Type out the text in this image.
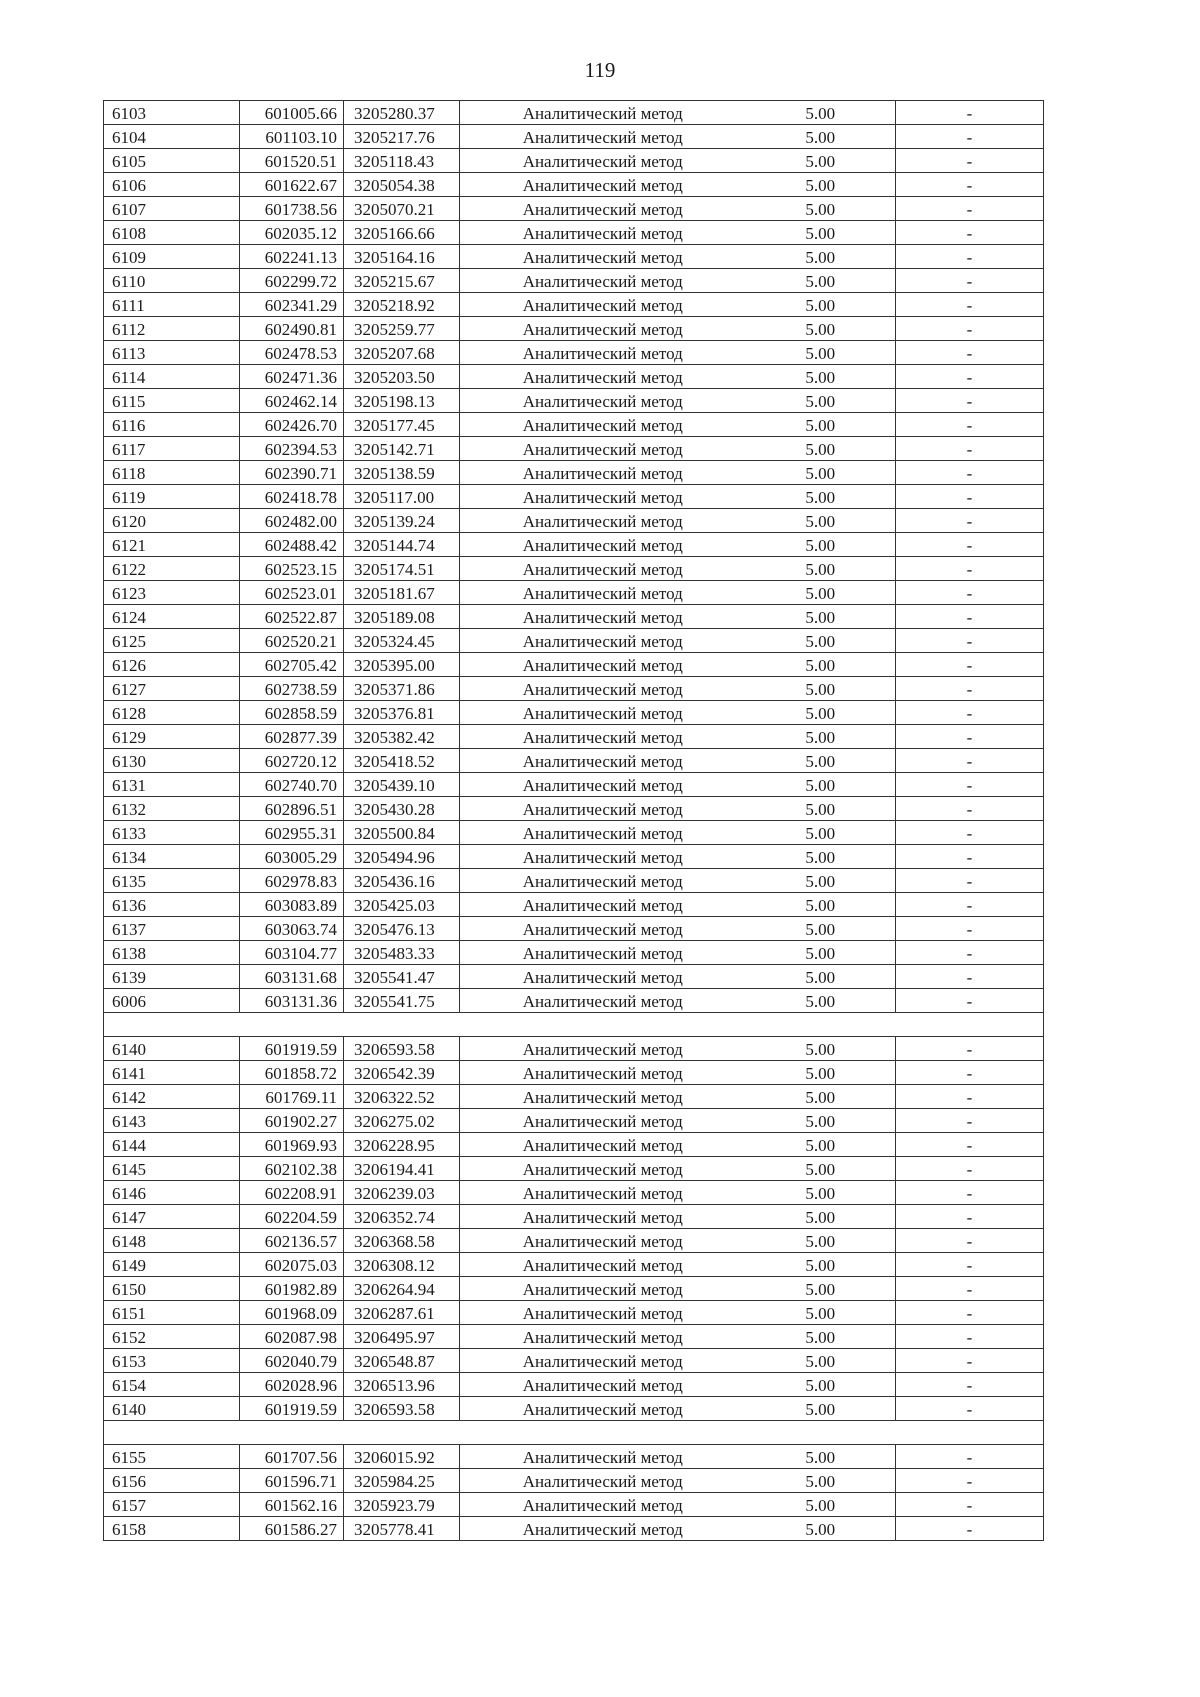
119
6103	601005.66	3205280.37	Аналитический метод	5.00	-
6104	601103.10	3205217.76	Аналитический метод	5.00	-
6105	601520.51	3205118.43	Аналитический метод	5.00	-
6106	601622.67	3205054.38	Аналитический метод	5.00	-
6107	601738.56	3205070.21	Аналитический метод	5.00	-
6108	602035.12	3205166.66	Аналитический метод	5.00	-
6109	602241.13	3205164.16	Аналитический метод	5.00	-
6110	602299.72	3205215.67	Аналитический метод	5.00	-
6111	602341.29	3205218.92	Аналитический метод	5.00	-
6112	602490.81	3205259.77	Аналитический метод	5.00	-
6113	602478.53	3205207.68	Аналитический метод	5.00	-
6114	602471.36	3205203.50	Аналитический метод	5.00	-
6115	602462.14	3205198.13	Аналитический метод	5.00	-
6116	602426.70	3205177.45	Аналитический метод	5.00	-
6117	602394.53	3205142.71	Аналитический метод	5.00	-
6118	602390.71	3205138.59	Аналитический метод	5.00	-
6119	602418.78	3205117.00	Аналитический метод	5.00	-
6120	602482.00	3205139.24	Аналитический метод	5.00	-
6121	602488.42	3205144.74	Аналитический метод	5.00	-
6122	602523.15	3205174.51	Аналитический метод	5.00	-
6123	602523.01	3205181.67	Аналитический метод	5.00	-
6124	602522.87	3205189.08	Аналитический метод	5.00	-
6125	602520.21	3205324.45	Аналитический метод	5.00	-
6126	602705.42	3205395.00	Аналитический метод	5.00	-
6127	602738.59	3205371.86	Аналитический метод	5.00	-
6128	602858.59	3205376.81	Аналитический метод	5.00	-
6129	602877.39	3205382.42	Аналитический метод	5.00	-
6130	602720.12	3205418.52	Аналитический метод	5.00	-
6131	602740.70	3205439.10	Аналитический метод	5.00	-
6132	602896.51	3205430.28	Аналитический метод	5.00	-
6133	602955.31	3205500.84	Аналитический метод	5.00	-
6134	603005.29	3205494.96	Аналитический метод	5.00	-
6135	602978.83	3205436.16	Аналитический метод	5.00	-
6136	603083.89	3205425.03	Аналитический метод	5.00	-
6137	603063.74	3205476.13	Аналитический метод	5.00	-
6138	603104.77	3205483.33	Аналитический метод	5.00	-
6139	603131.68	3205541.47	Аналитический метод	5.00	-
6006	603131.36	3205541.75	Аналитический метод	5.00	-

6140	601919.59	3206593.58	Аналитический метод	5.00	-
6141	601858.72	3206542.39	Аналитический метод	5.00	-
6142	601769.11	3206322.52	Аналитический метод	5.00	-
6143	601902.27	3206275.02	Аналитический метод	5.00	-
6144	601969.93	3206228.95	Аналитический метод	5.00	-
6145	602102.38	3206194.41	Аналитический метод	5.00	-
6146	602208.91	3206239.03	Аналитический метод	5.00	-
6147	602204.59	3206352.74	Аналитический метод	5.00	-
6148	602136.57	3206368.58	Аналитический метод	5.00	-
6149	602075.03	3206308.12	Аналитический метод	5.00	-
6150	601982.89	3206264.94	Аналитический метод	5.00	-
6151	601968.09	3206287.61	Аналитический метод	5.00	-
6152	602087.98	3206495.97	Аналитический метод	5.00	-
6153	602040.79	3206548.87	Аналитический метод	5.00	-
6154	602028.96	3206513.96	Аналитический метод	5.00	-
6140	601919.59	3206593.58	Аналитический метод	5.00	-

6155	601707.56	3206015.92	Аналитический метод	5.00	-
6156	601596.71	3205984.25	Аналитический метод	5.00	-
6157	601562.16	3205923.79	Аналитический метод	5.00	-
6158	601586.27	3205778.41	Аналитический метод	5.00	-
